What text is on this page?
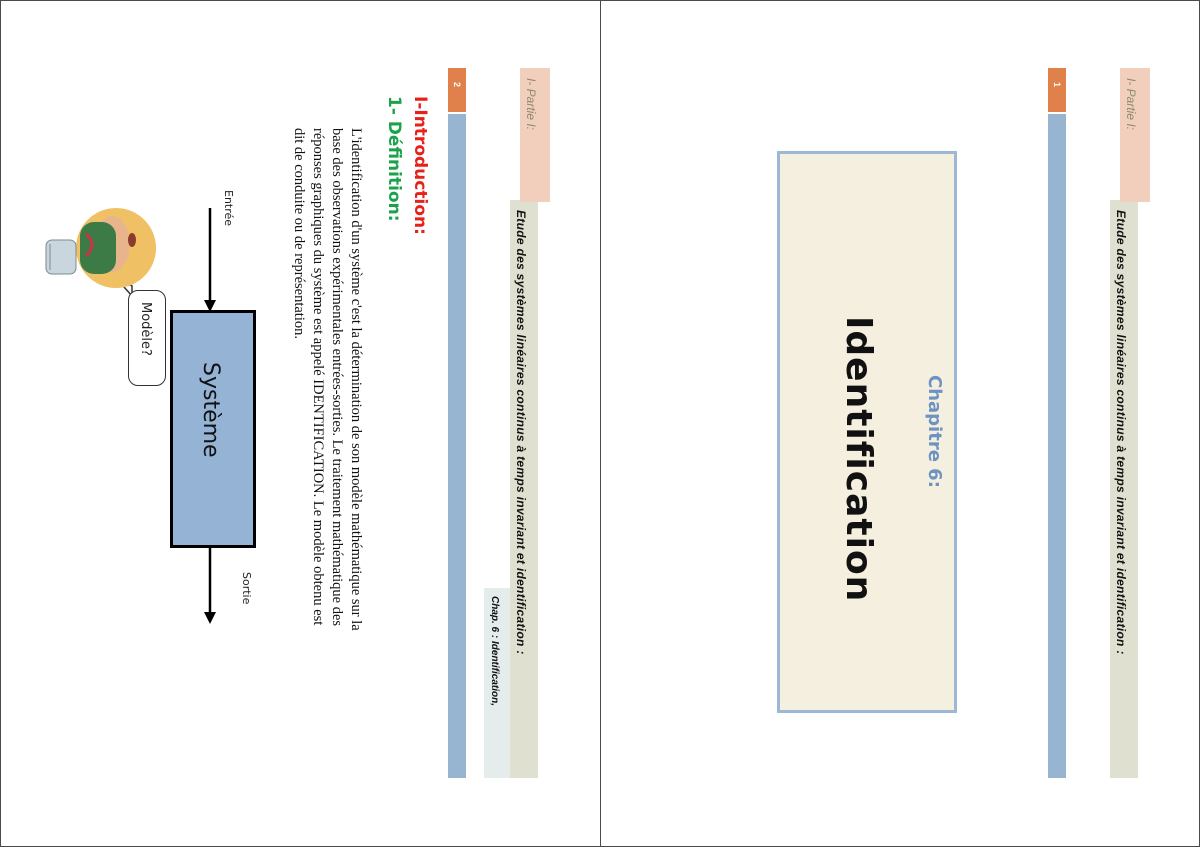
I- Partie I:
Etude des systèmes linéaires continus à temps invariant et identification :
1
Chapitre 6:
Identification
Chap. 6 : Identification,
I- Partie I:
Etude des systèmes linéaires continus à temps invariant et identification :
2
I-Introduction:
1- Définition:
L'identification d'un système c'est la détermination de son modèle mathématique sur la
base des observations expérimentales entrées-sorties. Le traitement mathématique des
réponses graphiques du système est appelé IDENTIFICATION. Le modèle obtenu est
dit de conduite ou de représentation.
Entrée
Système
Sortie
Modèle?
